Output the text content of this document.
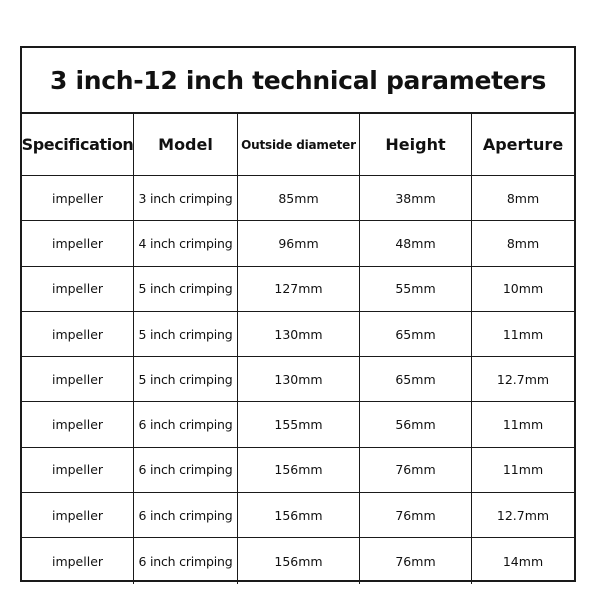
3 inch-12 inch technical parameters
Specification	Model	Outside diameter	Height	Aperture
impeller	3 inch crimping	85mm	38mm	8mm
impeller	4 inch crimping	96mm	48mm	8mm
impeller	5 inch crimping	127mm	55mm	10mm
impeller	5 inch crimping	130mm	65mm	11mm
impeller	5 inch crimping	130mm	65mm	12.7mm
impeller	6 inch crimping	155mm	56mm	11mm
impeller	6 inch crimping	156mm	76mm	11mm
impeller	6 inch crimping	156mm	76mm	12.7mm
impeller	6 inch crimping	156mm	76mm	14mm
